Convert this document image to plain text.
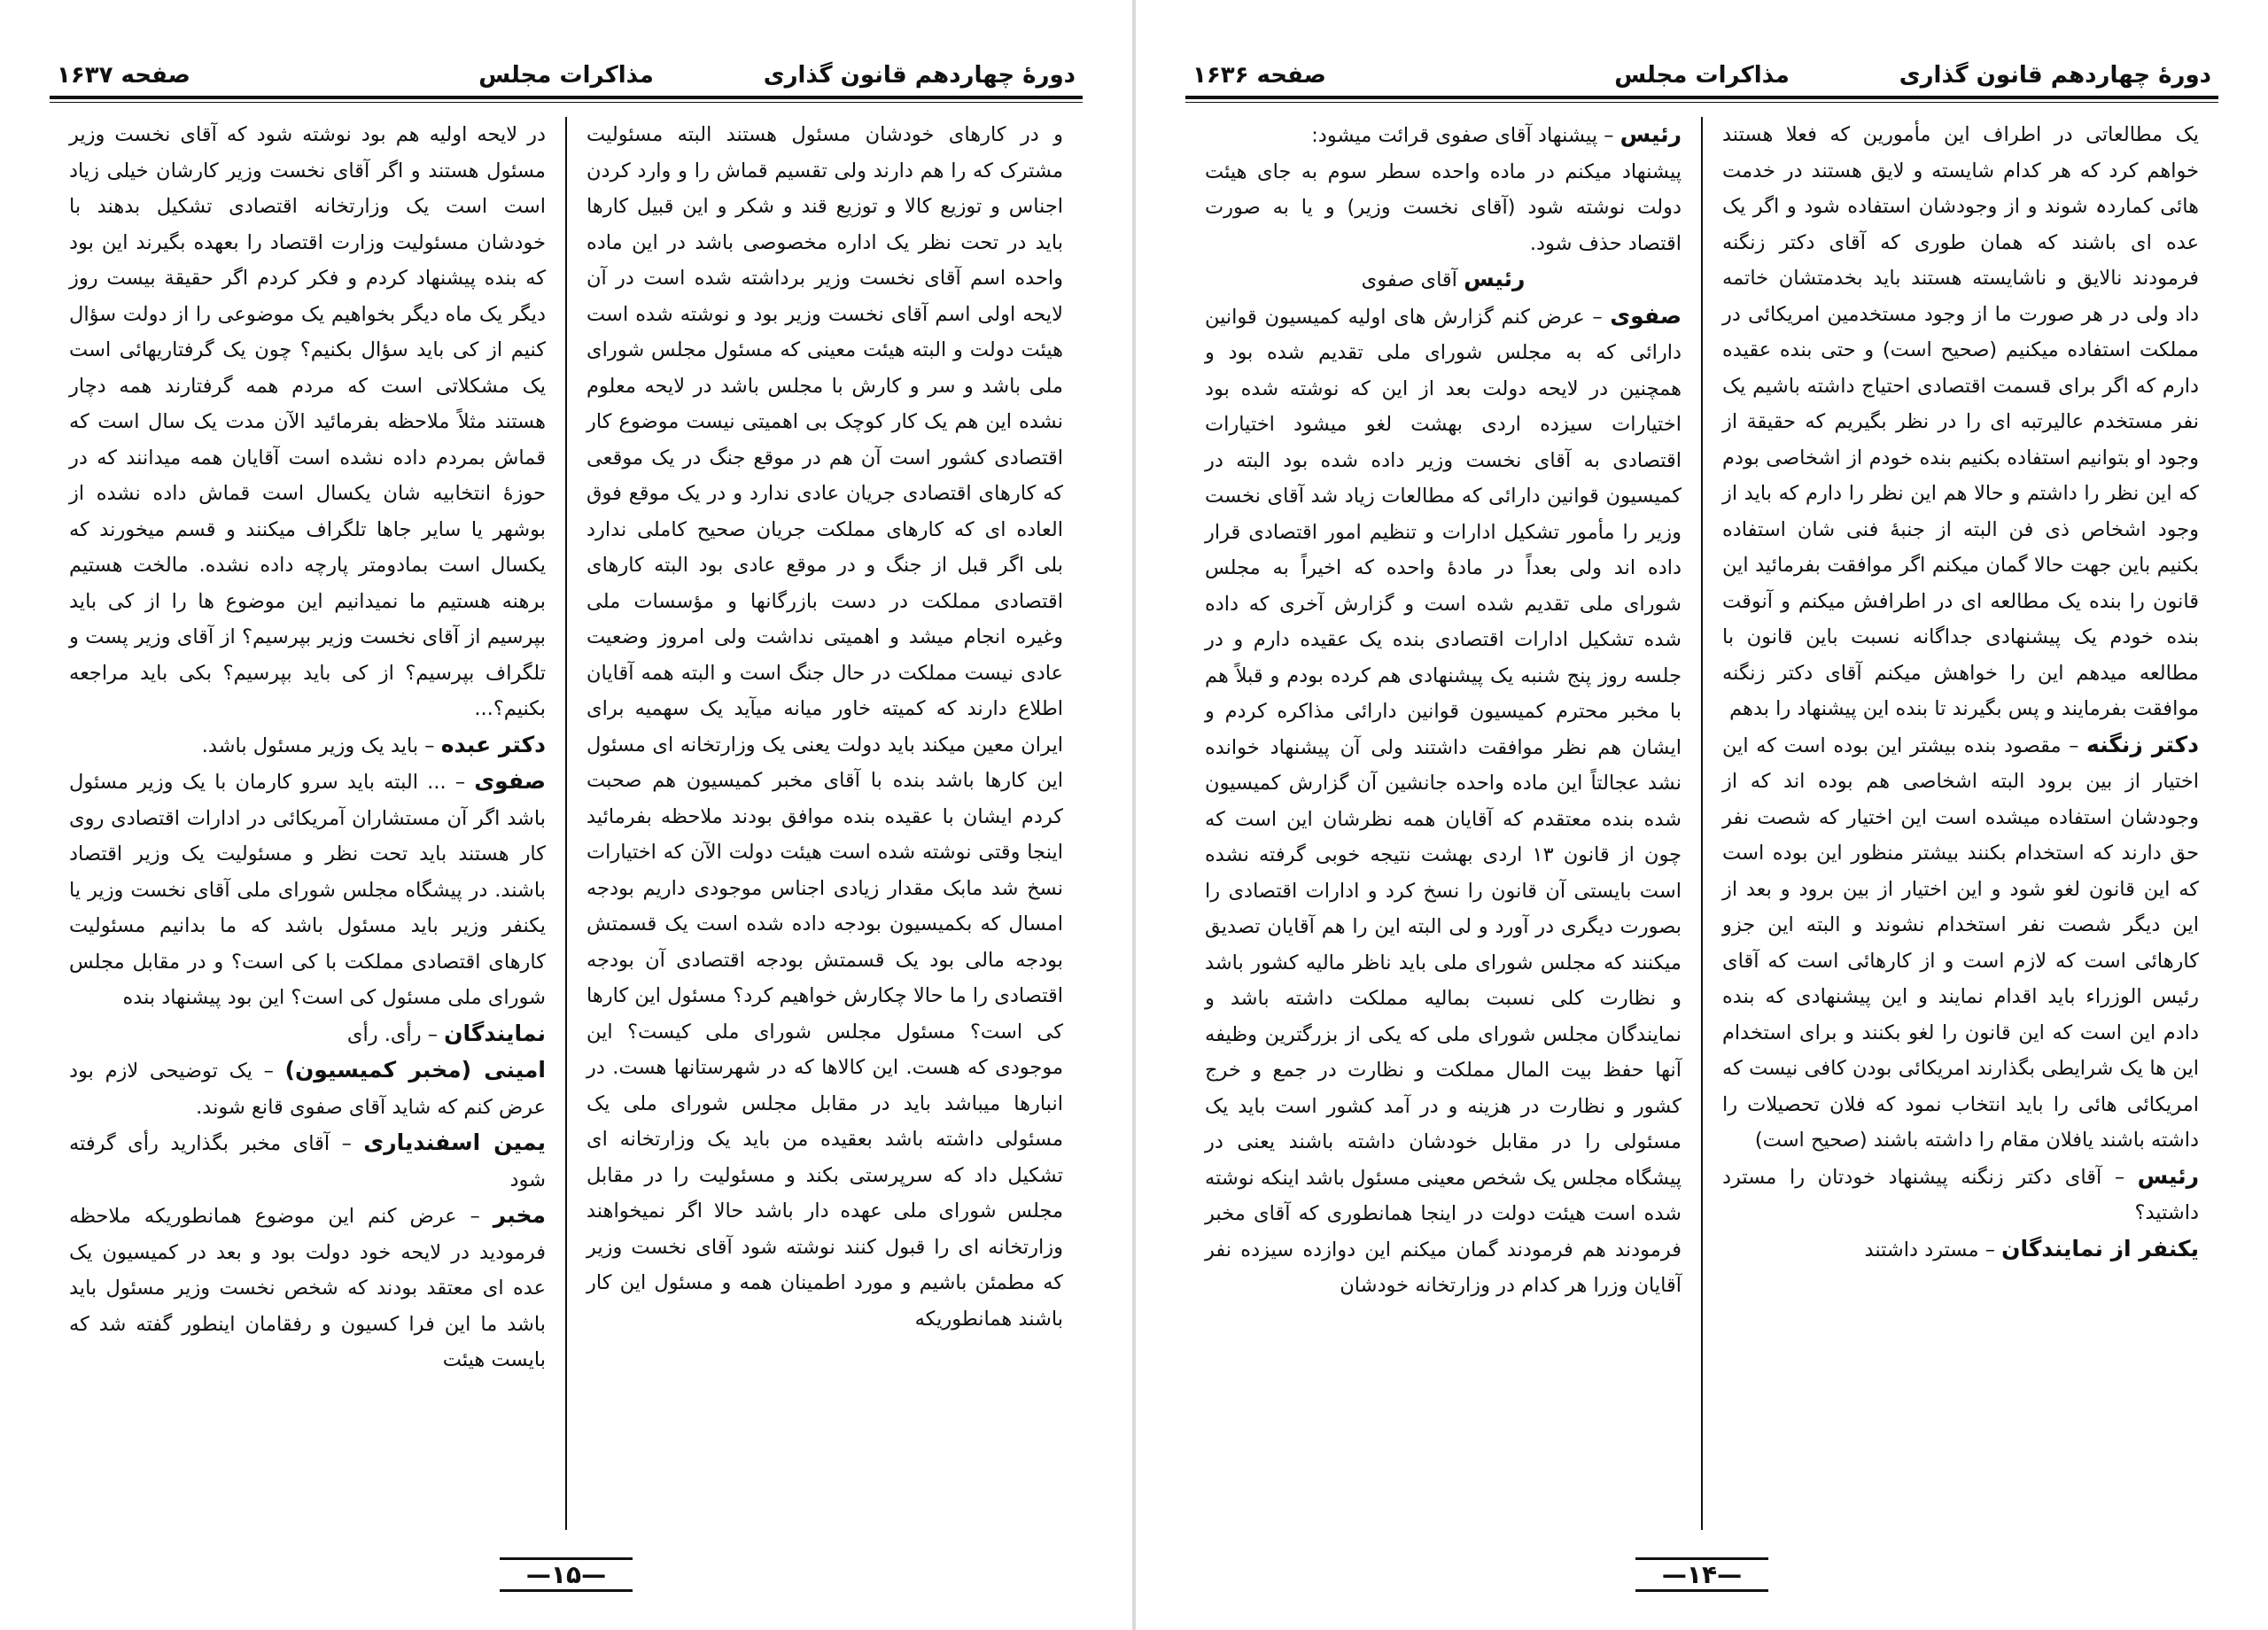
دورۀ چهاردهم قانون گذاری
مذاکرات مجلس
صفحه ۱۶۳۷

و در کارهای خودشان مسئول هستند البته مسئولیت مشترک که را هم دارند ولی تقسیم قماش را و وارد کردن اجناس و توزیع کالا و توزیع قند و شکر و این قبیل کارها باید در تحت نظر یک اداره مخصوصی باشد در این ماده واحده اسم آقای نخست وزیر برداشته شده است در آن لایحه اولی اسم آقای نخست وزیر بود و نوشته شده است هیئت دولت و البته هیئت معینی که مسئول مجلس شورای ملی باشد و سر و کارش با مجلس باشد در لایحه معلوم نشده این هم یک کار کوچک بی اهمیتی نیست موضوع کار اقتصادی کشور است آن هم در موقع جنگ در یک موقعی که کارهای اقتصادی جریان عادی ندارد و در یک موقع فوق العاده ای که کارهای مملکت جریان صحیح کاملی ندارد بلی اگر قبل از جنگ و در موقع عادی بود البته کارهای اقتصادی مملکت در دست بازرگانها و مؤسسات ملی وغیره انجام میشد و اهمیتی نداشت ولی امروز وضعیت عادی نیست مملکت در حال جنگ است و البته همه آقایان اطلاع دارند که کمیته خاور میانه میآید یک سهمیه برای ایران معین میکند باید دولت یعنی یک وزارتخانه ای مسئول این کارها باشد بنده با آقای مخبر کمیسیون هم صحبت کردم ایشان با عقیده بنده موافق بودند ملاحظه بفرمائید اینجا وقتی نوشته شده است هیئت دولت الآن که اختیارات نسخ شد مابک مقدار زیادی اجناس موجودی داریم بودجه امسال که بکمیسیون بودجه داده شده است یک قسمتش بودجه مالی بود یک قسمتش بودجه اقتصادی آن بودجه اقتصادی را ما حالا چکارش خواهیم کرد؟ مسئول این کارها کی است؟ مسئول مجلس شورای ملی کیست؟ این موجودی که هست. این کالاها که در شهرستانها هست. در انبارها میباشد باید در مقابل مجلس شورای ملی یک مسئولی داشته باشد بعقیده من باید یک وزارتخانه ای تشکیل داد که سرپرستی بکند و مسئولیت را در مقابل مجلس شورای ملی عهده دار باشد حالا اگر نمیخواهند وزارتخانه ای را قبول کنند نوشته شود آقای نخست وزیر که مطمئن باشیم و مورد اطمینان همه و مسئول این کار باشند همانطوریکه

در لایحه اولیه هم بود نوشته شود که آقای نخست وزیر مسئول هستند و اگر آقای نخست وزیر کارشان خیلی زیاد است است یک وزارتخانه اقتصادی تشکیل بدهند با خودشان مسئولیت وزارت اقتصاد را بعهده بگیرند این بود که بنده پیشنهاد کردم و فکر کردم اگر حقیقة بیست روز دیگر یک ماه دیگر بخواهیم یک موضوعی را از دولت سؤال کنیم از کی باید سؤال بکنیم؟ چون یک گرفتاریهائی است یک مشکلاتی است که مردم همه گرفتارند همه دچار هستند مثلاً ملاحظه بفرمائید الآن مدت یک سال است که قماش بمردم داده نشده است آقایان همه میدانند که در حوزۀ انتخابیه شان یکسال است قماش داده نشده از بوشهر یا سایر جاها تلگراف میکنند و قسم میخورند که یکسال است بمادومتر پارچه داده نشده. مالخت هستیم برهنه هستیم ما نمیدانیم این موضوع ها را از کی باید بپرسیم از آقای نخست وزیر بپرسیم؟ از آقای وزیر پست و تلگراف بپرسیم؟ از کی باید بپرسیم؟ بکی باید مراجعه بکنیم؟...

دکتر عبده – باید یک وزیر مسئول باشد.

صفوی – ... البته باید سرو کارمان با یک وزیر مسئول باشد اگر آن مستشاران آمریکائی در ادارات اقتصادی روی کار هستند باید تحت نظر و مسئولیت یک وزیر اقتصاد باشند. در پیشگاه مجلس شورای ملی آقای نخست وزیر یا یکنفر وزیر باید مسئول باشد که ما بدانیم مسئولیت کارهای اقتصادی مملکت با کی است؟ و در مقابل مجلس شورای ملی مسئول کی است؟ این بود پیشنهاد بنده

نمایندگان – رأی. رأی

امینی (مخبر کمیسیون) – یک توضیحی لازم بود عرض کنم که شاید آقای صفوی قانع شوند.

یمین اسفندیاری – آقای مخبر بگذارید رأی گرفته شود

مخبر – عرض کنم این موضوع همانطوریکه ملاحظه فرمودید در لایحه خود دولت بود و بعد در کمیسیون یک عده ای معتقد بودند که شخص نخست وزیر مسئول باید باشد ما این فرا کسیون و رفقامان اینطور گفته شد که بایست هیئت

—۱۵—
دورۀ چهاردهم قانون گذاری
مذاکرات مجلس
صفحه ۱۶۳۶

یک مطالعاتی در اطراف این مأمورین که فعلا هستند خواهم کرد که هر کدام شایسته و لایق هستند در خدمت هائی کماردہ شوند و از وجودشان استفاده شود و اگر یک عده ای باشند که همان طوری که آقای دکتر زنگنه فرمودند نالایق و ناشایسته هستند باید بخدمتشان خاتمه داد ولی در هر صورت ما از وجود مستخدمین امریکائی در مملکت استفاده میکنیم (صحیح است) و حتی بنده عقیده دارم که اگر برای قسمت اقتصادی احتیاج داشته باشیم یک نفر مستخدم عالیرتبه ای را در نظر بگیریم که حقیقة از وجود او بتوانیم استفاده بکنیم بنده خودم از اشخاصی بودم که این نظر را داشتم و حالا هم این نظر را دارم که باید از وجود اشخاص ذی فن البته از جنبۀ فنی شان استفاده بکنیم باین جهت حالا گمان میکنم اگر موافقت بفرمائید این قانون را بنده یک مطالعه ای در اطرافش میکنم و آنوقت بنده خودم یک پیشنهادی جداگانه نسبت باین قانون با مطالعه میدهم این را خواهش میکنم آقای دکتر زنگنه موافقت بفرمایند و پس بگیرند تا بنده این پیشنهاد را بدهم

دکتر زنگنه – مقصود بنده بیشتر این بوده است که این اختیار از بین برود البته اشخاصی هم بوده اند که از وجودشان استفاده میشده است این اختیار که شصت نفر حق دارند که استخدام بکنند بیشتر منظور این بوده است که این قانون لغو شود و این اختیار از بین برود و بعد از این دیگر شصت نفر استخدام نشوند و البته این جزو کارهائی است که لازم است و از کارهائی است که آقای رئیس الوزراء باید اقدام نمایند و این پیشنهادی که بنده دادم این است که این قانون را لغو بکنند و برای استخدام این ها یک شرایطی بگذارند امریکائی بودن کافی نیست که امریکائی هائی را باید انتخاب نمود که فلان تحصیلات را داشته باشند یافلان مقام را داشته باشند (صحیح است)

رئیس – آقای دکتر زنگنه پیشنهاد خودتان را مسترد داشتید؟

یکنفر از نمایندگان – مسترد داشتند

رئیس – پیشنهاد آقای صفوی قرائت میشود:

پیشنهاد میکنم در ماده واحده سطر سوم به جای هیئت دولت نوشته شود (آقای نخست وزیر) و یا به صورت اقتصاد حذف شود.

رئیس آقای صفوی

صفوی – عرض کنم گزارش های اولیه کمیسیون قوانین دارائی که به مجلس شورای ملی تقدیم شده بود و همچنین در لایحه دولت بعد از این که نوشته شده بود اختیارات سیزده اردی بهشت لغو میشود اختیارات اقتصادی به آقای نخست وزیر داده شده بود البته در کمیسیون قوانین دارائی که مطالعات زیاد شد آقای نخست وزیر را مأمور تشکیل ادارات و تنظیم امور اقتصادی قرار داده اند ولی بعداً در مادۀ واحده که اخیراً به مجلس شورای ملی تقدیم شده است و گزارش آخری که داده شده تشکیل ادارات اقتصادی بنده یک عقیده دارم و در جلسه روز پنج شنبه یک پیشنهادی هم کرده بودم و قبلاً هم با مخبر محترم کمیسیون قوانین دارائی مذاکره کردم و ایشان هم نظر موافقت داشتند ولی آن پیشنهاد خوانده نشد عجالتاً این ماده واحده جانشین آن گزارش کمیسیون شده بنده معتقدم که آقایان همه نظرشان این است که چون از قانون ۱۳ اردی بهشت نتیجه خوبی گرفته نشده است بایستی آن قانون را نسخ کرد و ادارات اقتصادی را بصورت دیگری در آورد و لی البته این را هم آقایان تصدیق میکنند که مجلس شورای ملی باید ناظر مالیه کشور باشد و نظارت کلی نسبت بمالیه مملکت داشته باشد و نمایندگان مجلس شورای ملی که یکی از بزرگترین وظیفه آنها حفظ بیت المال مملکت و نظارت در جمع و خرج کشور و نظارت در هزینه و در آمد کشور است باید یک مسئولی را در مقابل خودشان داشته باشند یعنی در پیشگاه مجلس یک شخص معینی مسئول باشد اینکه نوشته شده است هیئت دولت در اینجا همانطوری که آقای مخبر فرمودند هم فرمودند گمان میکنم این دوازده سیزده نفر آقایان وزرا هر کدام در وزارتخانه خودشان

—۱۴—
